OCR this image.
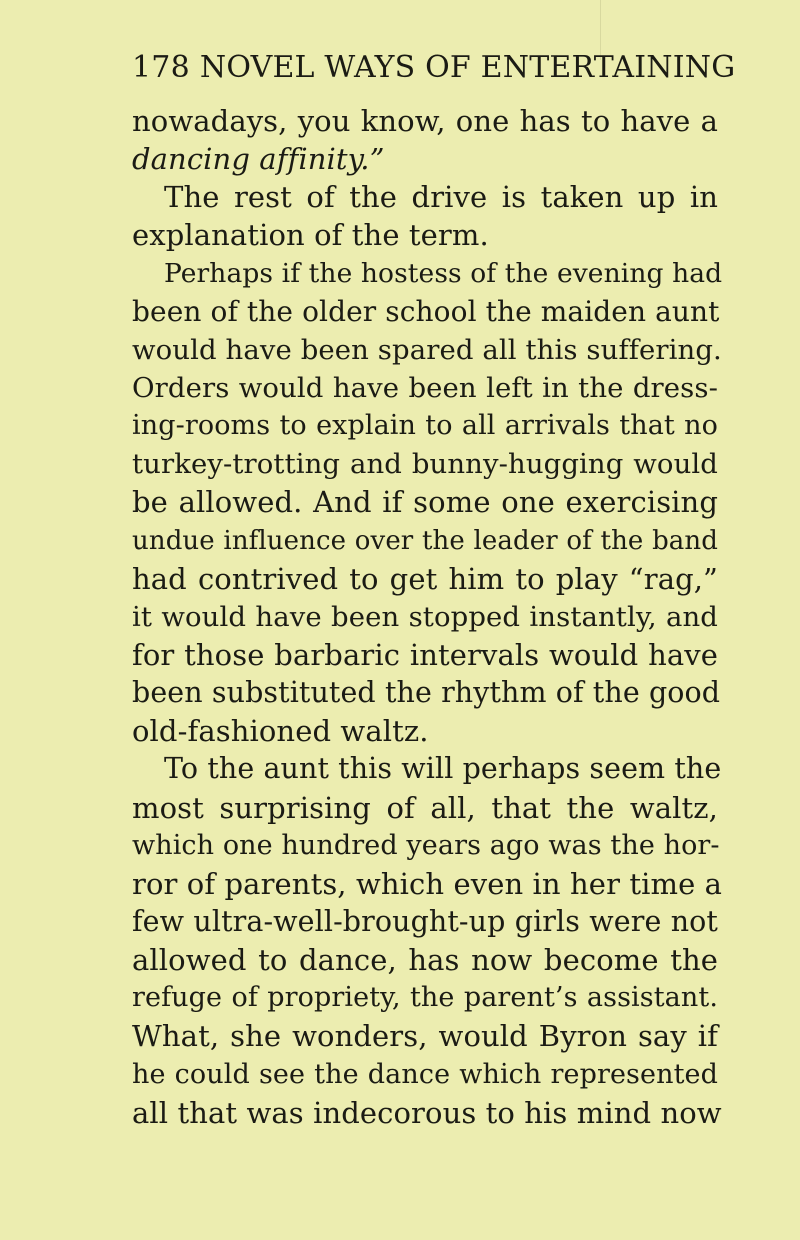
178 NOVEL WAYS OF ENTERTAINING
nowadays, you know, one has to have a
dancing affinity.”
The rest of the drive is taken up in
explanation of the term.
Perhaps if the hostess of the evening had
been of the older school the maiden aunt
would have been spared all this suffering.
Orders would have been left in the dress-
ing-rooms to explain to all arrivals that no
turkey-trotting and bunny-hugging would
be allowed. And if some one exercising
undue influence over the leader of the band
had contrived to get him to play “rag,”
it would have been stopped instantly, and
for those barbaric intervals would have
been substituted the rhythm of the good
old-fashioned waltz.
To the aunt this will perhaps seem the
most surprising of all, that the waltz,
which one hundred years ago was the hor-
ror of parents, which even in her time a
few ultra-well-brought-up girls were not
allowed to dance, has now become the
refuge of propriety, the parent’s assistant.
What, she wonders, would Byron say if
he could see the dance which represented
all that was indecorous to his mind now
